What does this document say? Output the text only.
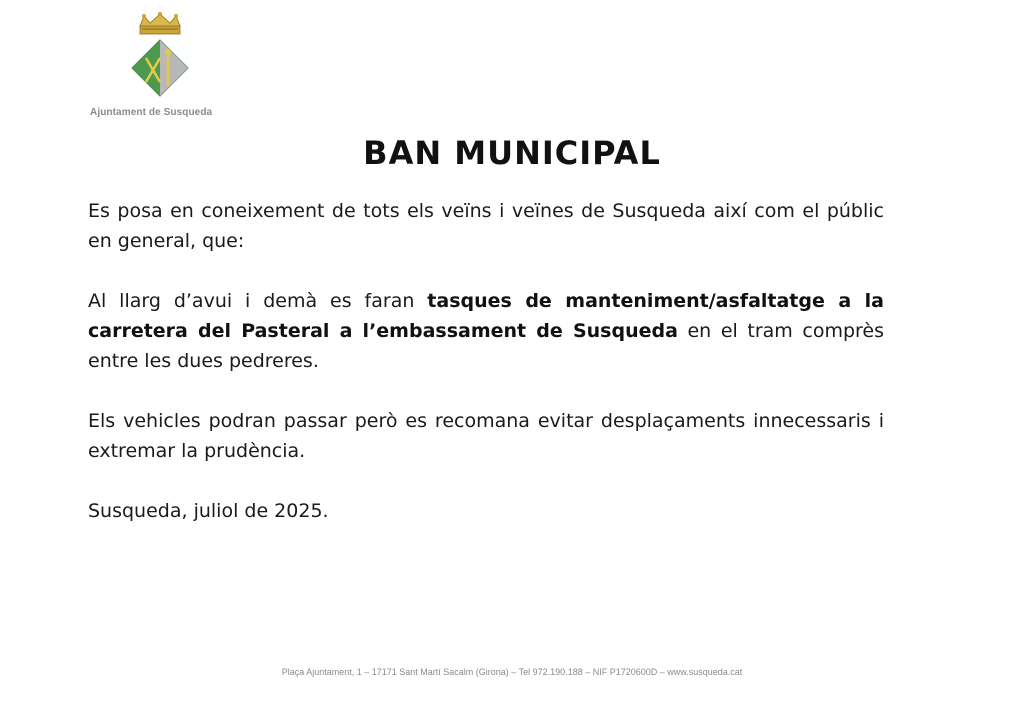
Ajuntament de Susqueda
BAN MUNICIPAL
Es posa en coneixement de tots els veïns i veïnes de Susqueda així com el públic en general, que:
Al llarg d’avui i demà es faran tasques de manteniment/asfaltatge a la carretera del Pasteral a l’embassament de Susqueda en el tram comprès entre les dues pedreres.
Els vehicles podran passar però es recomana evitar desplaçaments innecessaris i extremar la prudència.
Susqueda, juliol de 2025.
Plaça Ajuntament, 1 – 17171 Sant Martí Sacalm (Girona) – Tel 972.190.188 – NIF P1720600D – www.susqueda.cat
